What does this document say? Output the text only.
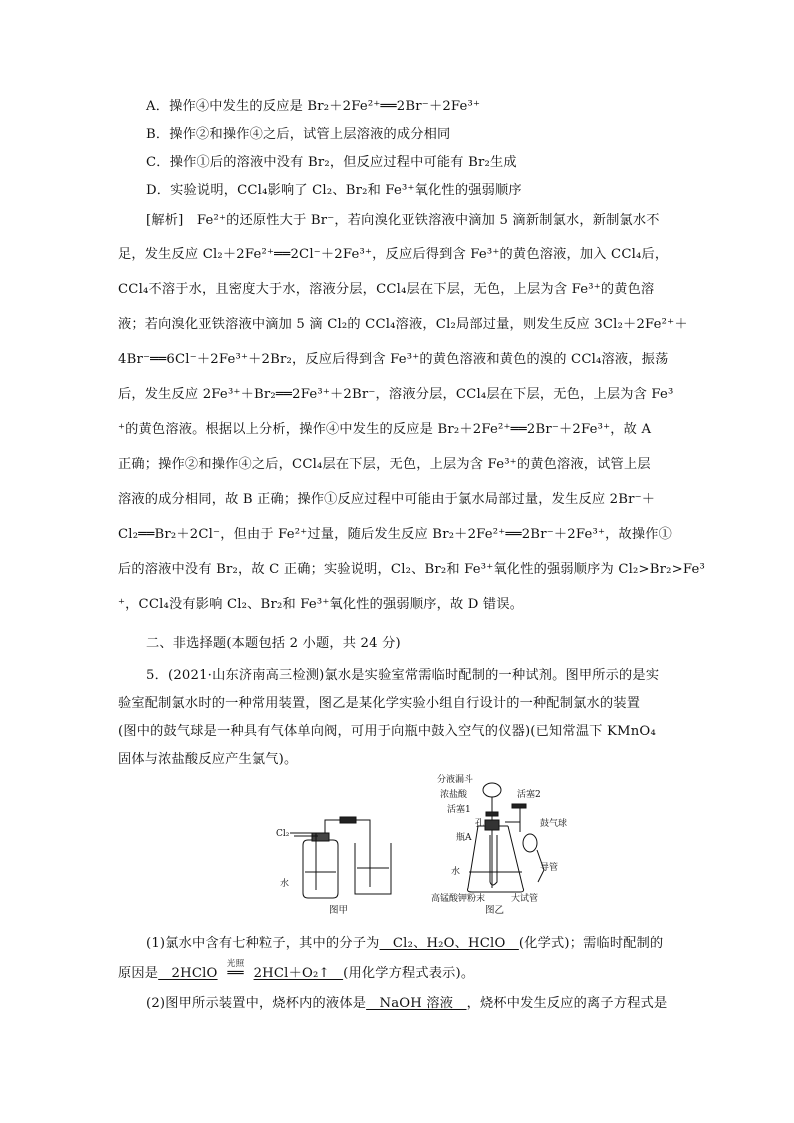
A．操作④中发生的反应是 Br₂＋2Fe²⁺══2Br⁻＋2Fe³⁺
B．操作②和操作④之后，试管上层溶液的成分相同
C．操作①后的溶液中没有 Br₂，但反应过程中可能有 Br₂生成
D．实验说明，CCl₄影响了 Cl₂、Br₂和 Fe³⁺氧化性的强弱顺序
[解析]　Fe²⁺的还原性大于 Br⁻，若向溴化亚铁溶液中滴加 5 滴新制氯水，新制氯水不
足，发生反应 Cl₂＋2Fe²⁺══2Cl⁻＋2Fe³⁺，反应后得到含 Fe³⁺的黄色溶液，加入 CCl₄后，
CCl₄不溶于水，且密度大于水，溶液分层，CCl₄层在下层，无色，上层为含 Fe³⁺的黄色溶
液；若向溴化亚铁溶液中滴加 5 滴 Cl₂的 CCl₄溶液，Cl₂局部过量，则发生反应 3Cl₂＋2Fe²⁺＋
4Br⁻══6Cl⁻＋2Fe³⁺＋2Br₂，反应后得到含 Fe³⁺的黄色溶液和黄色的溴的 CCl₄溶液，振荡
后，发生反应 2Fe³⁺＋Br₂══2Fe³⁺＋2Br⁻，溶液分层，CCl₄层在下层，无色，上层为含 Fe³
⁺的黄色溶液。根据以上分析，操作④中发生的反应是 Br₂＋2Fe²⁺══2Br⁻＋2Fe³⁺，故 A
正确；操作②和操作④之后，CCl₄层在下层，无色，上层为含 Fe³⁺的黄色溶液，试管上层
溶液的成分相同，故 B 正确；操作①反应过程中可能由于氯水局部过量，发生反应 2Br⁻＋
Cl₂══Br₂＋2Cl⁻，但由于 Fe²⁺过量，随后发生反应 Br₂＋2Fe²⁺══2Br⁻＋2Fe³⁺，故操作①
后的溶液中没有 Br₂，故 C 正确；实验说明，Cl₂、Br₂和 Fe³⁺氧化性的强弱顺序为 Cl₂>Br₂>Fe³
⁺，CCl₄没有影响 Cl₂、Br₂和 Fe³⁺氧化性的强弱顺序，故 D 错误。
二、非选择题(本题包括 2 小题，共 24 分)
5．(2021·山东济南高三检测)氯水是实验室常需临时配制的一种试剂。图甲所示的是实
验室配制氯水时的一种常用装置，图乙是某化学实验小组自行设计的一种配制氯水的装置
(图中的鼓气球是一种具有气体单向阀，可用于向瓶中鼓入空气的仪器)(已知常温下 KMnO₄
固体与浓盐酸反应产生氯气)。
Cl₂
水
图甲
分液漏斗
浓盐酸
活塞1
孔
瓶A
活塞2
鼓气球
导管
水
高锰酸钾粉末	大试管
图乙
(1)氯水中含有七种粒子，其中的分子为　Cl₂、H₂O、HClO　(化学式)；需临时配制的
原因是　2HClO
光照
══ 2HCl＋O₂↑　(用化学方程式表示)。
(2)图甲所示装置中，烧杯内的液体是　NaOH 溶液　，烧杯中发生反应的离子方程式是
